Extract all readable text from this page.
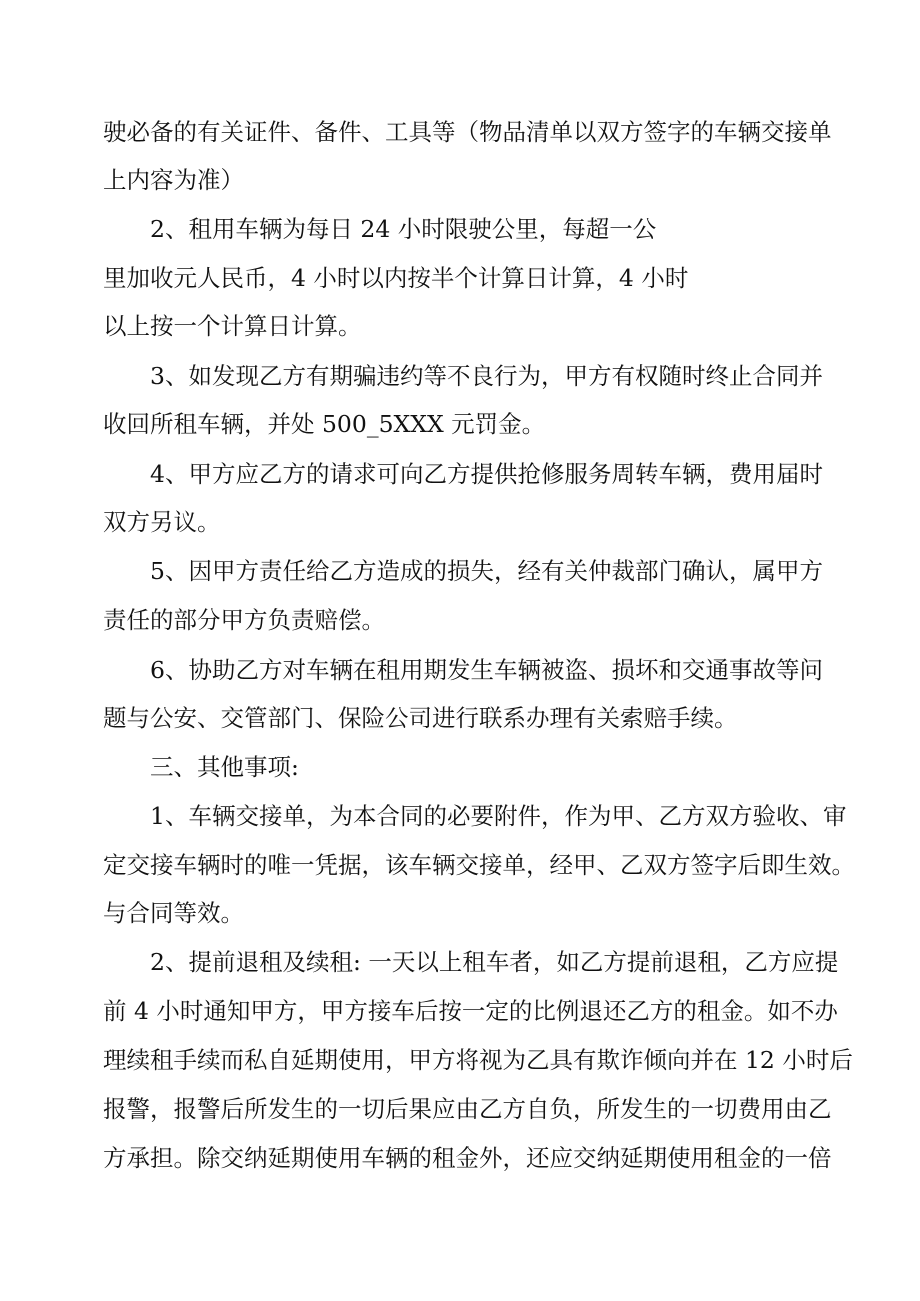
驶必备的有关证件、备件、工具等（物品清单以双方签字的车辆交接单
上内容为准）
2、租用车辆为每日 24 小时限驶公里，每超一公
里加收元人民币，4 小时以内按半个计算日计算，4 小时
以上按一个计算日计算。
3、如发现乙方有期骗违约等不良行为，甲方有权随时终止合同并
收回所租车辆，并处 500_5XXX 元罚金。
4、甲方应乙方的请求可向乙方提供抢修服务周转车辆，费用届时
双方另议。
5、因甲方责任给乙方造成的损失，经有关仲裁部门确认，属甲方
责任的部分甲方负责赔偿。
6、协助乙方对车辆在租用期发生车辆被盗、损坏和交通事故等问
题与公安、交管部门、保险公司进行联系办理有关索赔手续。
三、其他事项:
1、车辆交接单，为本合同的必要附件，作为甲、乙方双方验收、审
定交接车辆时的唯一凭据，该车辆交接单，经甲、乙双方签字后即生效。
与合同等效。
2、提前退租及续租: 一天以上租车者，如乙方提前退租，乙方应提
前 4 小时通知甲方，甲方接车后按一定的比例退还乙方的租金。如不办
理续租手续而私自延期使用，甲方将视为乙具有欺诈倾向并在 12 小时后
报警，报警后所发生的一切后果应由乙方自负，所发生的一切费用由乙
方承担。除交纳延期使用车辆的租金外，还应交纳延期使用租金的一倍
